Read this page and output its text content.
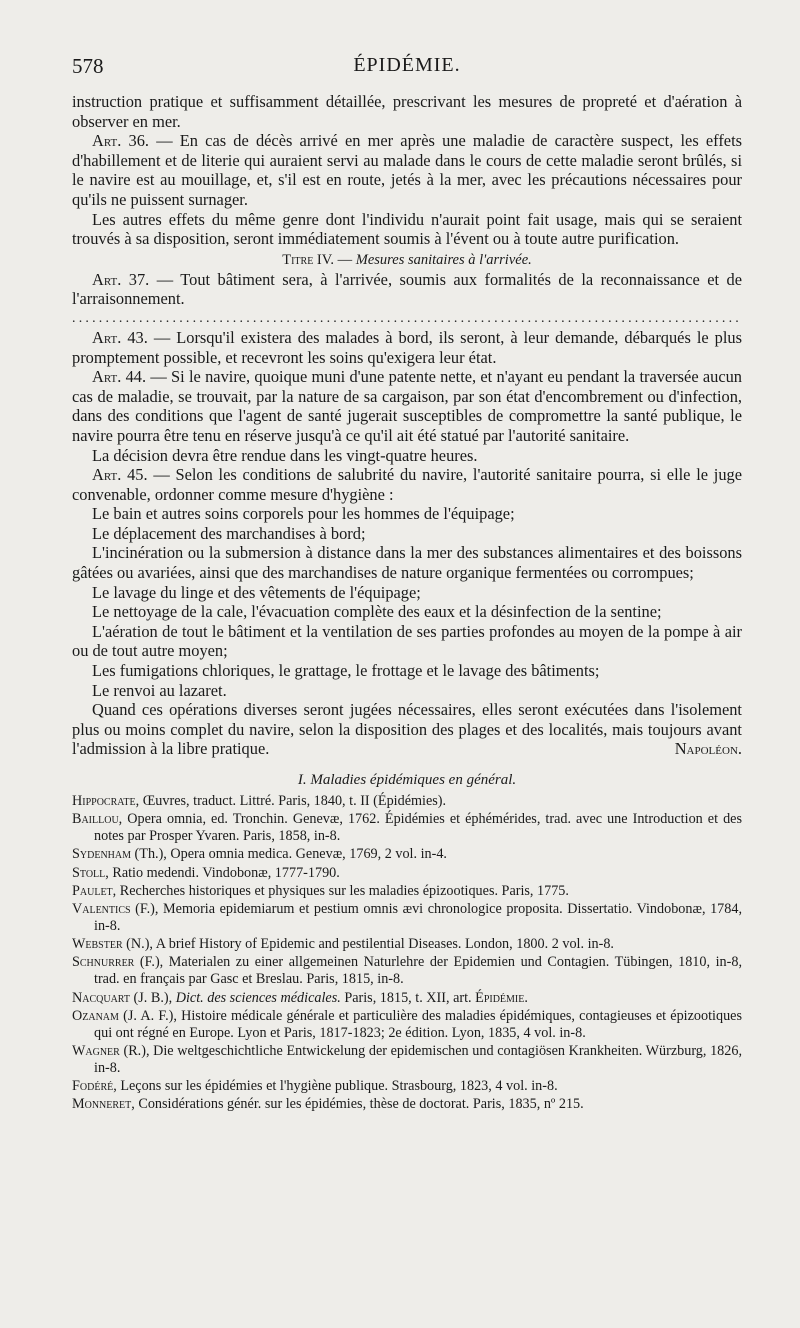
578	ÉPIDÉMIE.

instruction pratique et suffisamment détaillée, prescrivant les mesures de propreté et d'aération à observer en mer.

Art. 36. — En cas de décès arrivé en mer après une maladie de caractère suspect, les effets d'habillement et de literie qui auraient servi au malade dans le cours de cette maladie seront brûlés, si le navire est au mouillage, et, s'il est en route, jetés à la mer, avec les précautions nécessaires pour qu'ils ne puissent surnager.

Les autres effets du même genre dont l'individu n'aurait point fait usage, mais qui se seraient trouvés à sa disposition, seront immédiatement soumis à l'évent ou à toute autre purification.

Titre IV. — Mesures sanitaires à l'arrivée.

Art. 37. — Tout bâtiment sera, à l'arrivée, soumis aux formalités de la reconnaissance et de l'arraisonnement.

....................................................................................................

Art. 43. — Lorsqu'il existera des malades à bord, ils seront, à leur demande, débarqués le plus promptement possible, et recevront les soins qu'exigera leur état.

Art. 44. — Si le navire, quoique muni d'une patente nette, et n'ayant eu pendant la traversée aucun cas de maladie, se trouvait, par la nature de sa cargaison, par son état d'encombrement ou d'infection, dans des conditions que l'agent de santé jugerait susceptibles de compromettre la santé publique, le navire pourra être tenu en réserve jusqu'à ce qu'il ait été statué par l'autorité sanitaire.

La décision devra être rendue dans les vingt-quatre heures.

Art. 45. — Selon les conditions de salubrité du navire, l'autorité sanitaire pourra, si elle le juge convenable, ordonner comme mesure d'hygiène :

Le bain et autres soins corporels pour les hommes de l'équipage;

Le déplacement des marchandises à bord;

L'incinération ou la submersion à distance dans la mer des substances alimentaires et des boissons gâtées ou avariées, ainsi que des marchandises de nature organique fermentées ou corrompues;

Le lavage du linge et des vêtements de l'équipage;

Le nettoyage de la cale, l'évacuation complète des eaux et la désinfection de la sentine;

L'aération de tout le bâtiment et la ventilation de ses parties profondes au moyen de la pompe à air ou de tout autre moyen;

Les fumigations chloriques, le grattage, le frottage et le lavage des bâtiments;

Le renvoi au lazaret.

Quand ces opérations diverses seront jugées nécessaires, elles seront exécutées dans l'isolement plus ou moins complet du navire, selon la disposition des plages et des localités, mais toujours avant l'admission à la libre pratique.	Napoléon.

I. Maladies épidémiques en général.

Hippocrate, Œuvres, traduct. Littré. Paris, 1840, t. II (Épidémies).

Baillou, Opera omnia, ed. Tronchin. Genevæ, 1762. Épidémies et éphémérides, trad. avec une Introduction et des notes par Prosper Yvaren. Paris, 1858, in-8.

Sydenham (Th.), Opera omnia medica. Genevæ, 1769, 2 vol. in-4.

Stoll, Ratio medendi. Vindobonæ, 1777-1790.

Paulet, Recherches historiques et physiques sur les maladies épizootiques. Paris, 1775.

Valentics (F.), Memoria epidemiarum et pestium omnis ævi chronologice proposita. Dissertatio. Vindobonæ, 1784, in-8.

Webster (N.), A brief History of Epidemic and pestilential Diseases. London, 1800. 2 vol. in-8.

Schnurrer (F.), Materialen zu einer allgemeinen Naturlehre der Epidemien und Contagien. Tübingen, 1810, in-8, trad. en français par Gasc et Breslau. Paris, 1815, in-8.

Nacquart (J. B.), Dict. des sciences médicales. Paris, 1815, t. XII, art. Épidémie.

Ozanam (J. A. F.), Histoire médicale générale et particulière des maladies épidémiques, contagieuses et épizootiques qui ont régné en Europe. Lyon et Paris, 1817-1823; 2e édition. Lyon, 1835, 4 vol. in-8.

Wagner (R.), Die weltgeschichtliche Entwickelung der epidemischen und contagiösen Krankheiten. Würzburg, 1826, in-8.

Fodéré, Leçons sur les épidémies et l'hygiène publique. Strasbourg, 1823, 4 vol. in-8.

Monneret, Considérations génér. sur les épidémies, thèse de doctorat. Paris, 1835, nº 215.
